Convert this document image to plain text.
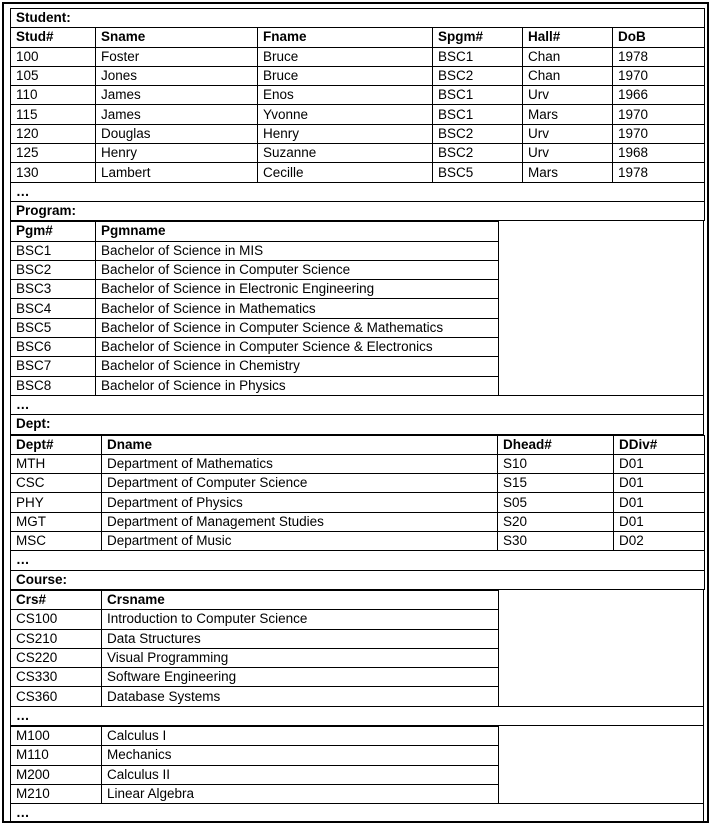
Student:					
Stud#	Sname	Fname	Spgm#	Hall#	DoB
100	Foster	Bruce	BSC1	Chan	1978
105	Jones	Bruce	BSC2	Chan	1970
110	James	Enos	BSC1	Urv	1966
115	James	Yvonne	BSC1	Mars	1970
120	Douglas	Henry	BSC2	Urv	1970
125	Henry	Suzanne	BSC2	Urv	1968
130	Lambert	Cecille	BSC5	Mars	1978
…					
Program:					
Pgm#	Pgmname
BSC1	Bachelor of Science in MIS
BSC2	Bachelor of Science in Computer Science
BSC3	Bachelor of Science in Electronic Engineering
BSC4	Bachelor of Science in Mathematics
BSC5	Bachelor of Science in Computer Science & Mathematics
BSC6	Bachelor of Science in Computer Science & Electronics
BSC7	Bachelor of Science in Chemistry
BSC8	Bachelor of Science in Physics
…
Dept:
Dept#	Dname	Dhead#	DDiv#
MTH	Department of Mathematics	S10	D01
CSC	Department of Computer Science	S15	D01
PHY	Department of Physics	S05	D01
MGT	Department of Management Studies	S20	D01
MSC	Department of Music	S30	D02
…			
Course:			
Crs#	Crsname
CS100	Introduction to Computer Science
CS210	Data Structures
CS220	Visual Programming
CS330	Software Engineering
CS360	Database Systems
…
M100	Calculus I
M110	Mechanics
M200	Calculus II
M210	Linear Algebra
…
